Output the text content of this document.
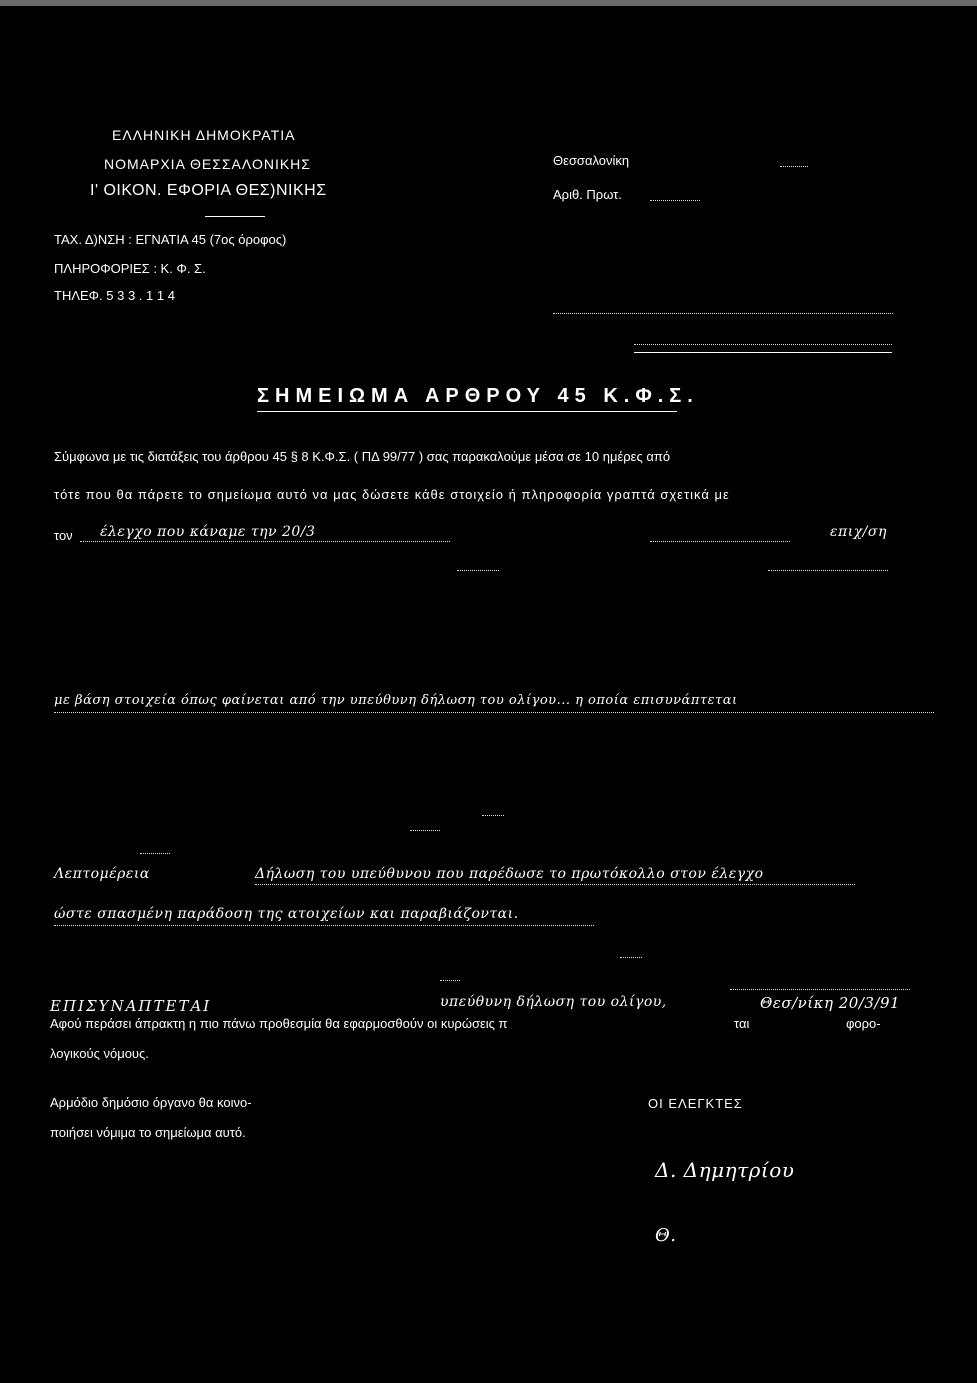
ΕΛΛΗΝΙΚΗ ΔΗΜΟΚΡΑΤΙΑ
ΝΟΜΑΡΧΙΑ ΘΕΣΣΑΛΟΝΙΚΗΣ
Ι' ΟΙΚΟΝ. ΕΦΟΡΙΑ ΘΕΣ)ΝΙΚΗΣ
ΤΑΧ. Δ)ΝΣΗ : ΕΓΝΑΤΙΑ 45 (7ος όροφος)
ΠΛΗΡΟΦΟΡΙΕΣ : Κ. Φ. Σ.
ΤΗΛΕΦ. 5 3 3 . 1 1 4
Θεσσαλονίκη
Αριθ. Πρωτ.
ΣΗΜΕΙΩΜΑ ΑΡΘΡΟΥ 45 Κ.Φ.Σ.
Σύμφωνα με τις διατάξεις του άρθρου 45 § 8 Κ.Φ.Σ. ( ΠΔ 99/77 ) σας παρακαλούμε μέσα σε 10 ημέρες από
τότε που θα πάρετε το σημείωμα αυτό να μας δώσετε κάθε στοιχείο ή πληροφορία γραπτά σχετικά με
τον έλεγχο που κάναμε την 20/3	επιχ/ση
με βάση στοιχεία όπως φαίνεται από την υπεύθυνη δήλωση του ολίγου... η οποία επισυνάπτεται
Λεπτομέρεια	Δήλωση του υπεύθυνου που παρέδωσε το πρωτόκολλο στον έλεγχο
ώστε σπασμένη παράδοση της ατοιχείων και παραβιάζονται.
ΕΠΙΣΥΝΑΠΤΕΤΑΙ	υπεύθυνη δήλωση του ολίγου,	Θεσ/νίκη 20/3/91
Αφού περάσει άπρακτη η πιο πάνω προθεσμία θα εφαρμοσθούν οι κυρώσεις π	ται	φορο-
λογικούς νόμους.
Αρμόδιο δημόσιο όργανο θα κοινο-
ποιήσει νόμιμα το σημείωμα αυτό.
ΟΙ ΕΛΕΓΚΤΕΣ
Δ. Δημητρίου
Θ.
